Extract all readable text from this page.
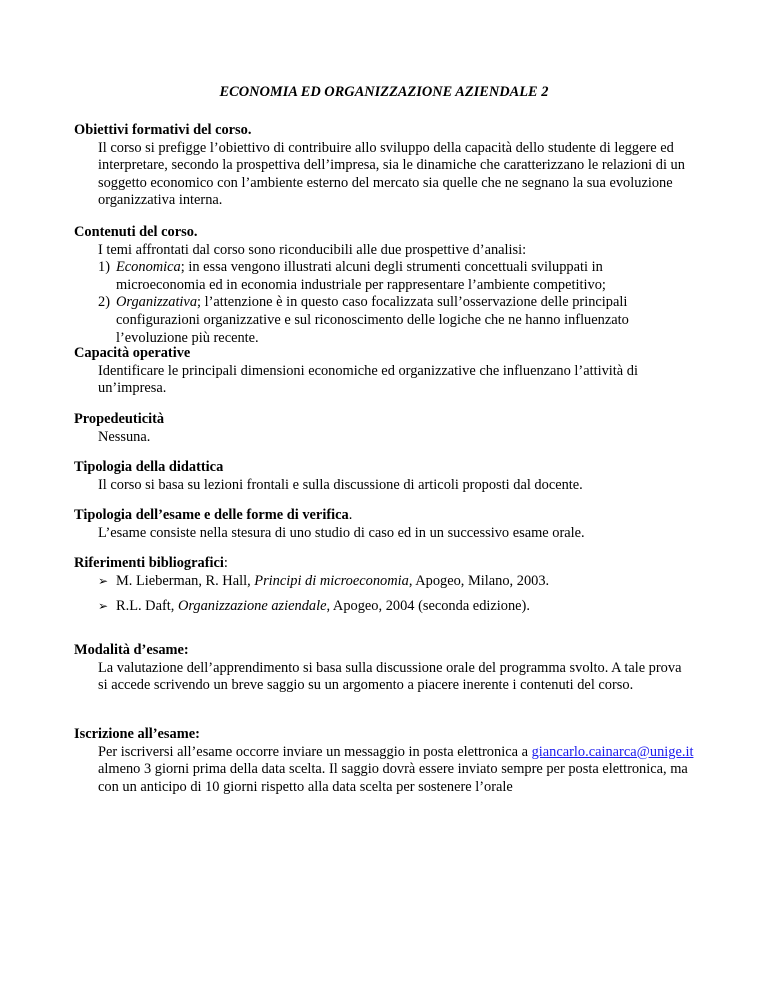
ECONOMIA ED ORGANIZZAZIONE AZIENDALE 2
Obiettivi formativi del corso.
Il corso si prefigge l’obiettivo di contribuire allo sviluppo della capacità dello studente di leggere ed interpretare, secondo la prospettiva dell’impresa, sia le dinamiche che caratterizzano le relazioni di un soggetto economico con l’ambiente esterno del mercato sia quelle che ne segnano la sua evoluzione organizzativa interna.
Contenuti del corso.
I temi affrontati dal corso sono riconducibili alle due prospettive d’analisi:
1) Economica; in essa vengono illustrati alcuni degli strumenti concettuali sviluppati in microeconomia ed in economia industriale per rappresentare l’ambiente competitivo;
2) Organizzativa; l’attenzione è in questo caso focalizzata sull’osservazione delle principali configurazioni organizzative e sul riconoscimento delle logiche che ne hanno influenzato l’evoluzione più recente.
Capacità operative
Identificare le principali dimensioni economiche ed organizzative che influenzano l’attività di un’impresa.
Propedeuticità
Nessuna.
Tipologia della didattica
Il corso si basa su lezioni frontali e sulla discussione di articoli proposti dal docente.
Tipologia dell’esame e delle forme di verifica.
L’esame consiste nella stesura di uno studio di caso ed in un successivo esame orale.
Riferimenti bibliografici:
➢ M. Lieberman, R. Hall, Principi di microeconomia, Apogeo, Milano, 2003.
➢ R.L. Daft, Organizzazione aziendale, Apogeo, 2004 (seconda edizione).
Modalità d’esame:
La valutazione dell’apprendimento si basa sulla discussione orale del programma svolto. A tale prova si accede scrivendo un breve saggio su un argomento a piacere inerente i contenuti del corso.
Iscrizione all’esame:
Per iscriversi all’esame occorre inviare un messaggio in posta elettronica a giancarlo.cainarca@unige.it almeno 3 giorni prima della data scelta. Il saggio dovrà essere inviato sempre per posta elettronica, ma con un anticipo di 10 giorni rispetto alla data scelta per sostenere l’orale
